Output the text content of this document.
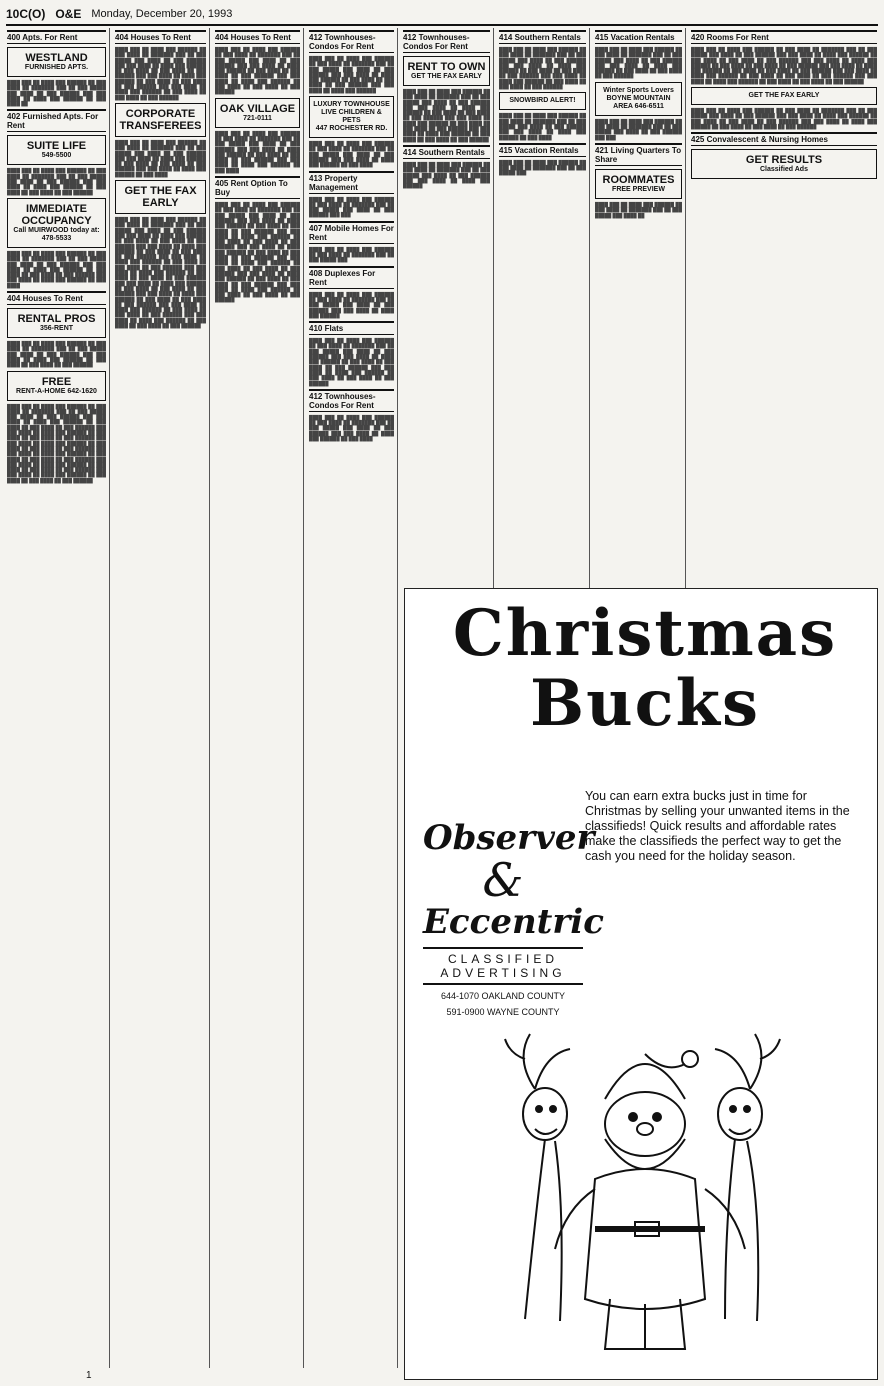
10C(O) O&E Monday, December 20, 1993
400 Apts. For Rent
WESTLAND
FURNISHED APTS.
████ ███ ██ ████ ███ ██████ ██ ███ ████ ██ ███████ ███ ██ ███ █████ ███ ████ ██ ███ ██████ ███ ███ ████ ██ ████ ███ ██████ ██ ███ ████ ██
402 Furnished Apts. For Rent
SUITE LIFE
549-5500
████ ███ ██ ████ ███ ██████ ██ ███ ████ ██ ███████ ███ ██ ███ █████ ███ ████ ██ ███ ██████ ███ ███ ████ ██ ████ ███ ██████ ██ ███ ████ ██ ███ ████ ██ ███ ██████
IMMEDIATE OCCUPANCY
Call MUIRWOOD today at: 478-5533
████ ███ ██ ████ ███ ██████ ██ ███ ████ ██ ███████ ███ ██ ███ █████ ███ ████ ██ ███ ██████ ███ ███ ████ ██ ████ ███ ██████ ██ ███ ████ ██ ███ ████ ██ ███ ██████ ███ ███ ████ ██ ████ ███ ██████ ██ ███ ████
404 Houses To Rent
RENTAL PROS
356-RENT
████ ███ ██ ████ ███ ██████ ██ ███ ████ ██ ███████ ███ ██ ███ █████ ███ ████ ██ ███ ██████ ███ ███ ████ ██ ████ ███ ██████ ██ ███ ████ ██ ███ ████ ██ ███ ██████
FREE
RENT-A-HOME 642-1620
████ ███ ██ ████ ███ ██████ ██ ███ ████ ██ ███████ ███ ██ ███ █████ ███ ████ ██ ███ ██████ ███ ███ ████ ██ ████ ███ ██████ ██ ███ ████ ██ ███ ████ ██ ███ ██████ ███ ███ ████ ██ ████ ███ ██████ ██ ███ ████ ██ ███ ████ ██ ███ ██████ ███ ███ ████ ██ ████ ███ ██████ ██ ███ ████ ██ ███ ████ ██ ███ ██████ ███ ███ ████ ██ ████ ███ ██████ ██ ███ ████ ██ ███ ████ ██ ███ ██████ ███ ███ ████ ██ ████ ███ ██████ ██ ███ ████ ██ ███ ████ ██ ███ ██████ ███ ███ ████ ██ ████ ███ ██████ ██ ███ ████ ██ ███ ████ ██ ███ ██████
404 Houses To Rent
████ ███ ██ ████ ███ ██████ ██ ███ ████ ██ ███████ ███ ██ ███ █████ ███ ████ ██ ███ ██████ ███ ███ ████ ██ ████ ███ ██████ ██ ███ ████ ██ ███ ████ ██ ███ ██████ ███ ███ ████ ██ ████ ███ ██████ ██ ███ ████ ██ ███ ████ ██ ███ ██████ ███ ███ ████ ██ ████ ███ ██████ ██ ███ ████ ██ ███ ████ ██ ███ ██████
CORPORATE TRANSFEREES
████ ███ ██ ████ ███ ██████ ██ ███ ████ ██ ███████ ███ ██ ███ █████ ███ ████ ██ ███ ██████ ███ ███ ████ ██ ████ ███ ██████ ██ ███ ████ ██ ███ ████ ██ ███ ██████ ███ ███ ████ ██ ████ ███ ██████ ██ ███ ████
GET THE FAX EARLY
████ ███ ██ ████ ███ ██████ ██ ███ ████ ██ ███████ ███ ██ ███ █████ ███ ████ ██ ███ ██████ ███ ███ ████ ██ ████ ███ ██████ ██ ███ ████ ██ ███ ████ ██ ███ ██████ ███ ███ ████ ██ ████ ███ ██████ ██ ███ ████ ██ ███ ████ ██ ███ ██████ ███ ███ ████ ██ ████ ███ ██████ ██ ███ ████ ██ ███ ████ ██ ███ ██████ ███ ███ ████ ██ ████ ███ ██████ ██ ███ ████ ██ ███ ████ ██ ███ ██████ ███ ███ ████ ██ ████ ███ ██████ ██ ███ ████ ██ ███ ████ ██ ███ ██████ ███ ███ ████ ██ ████ ███ ██████ ██ ███ ████ ██ ███ ████ ██ ███ ██████ ███ ███ ████ ██ ████ ███ ██████ ██ ███ ████ ██ ███ ████ ██ ███ ██████ ███ ███ ████ ██ ████ ███ ██████ ██ ███ ████ ██ ███ ████ ██ ███ ██████
404 Houses To Rent
████ ███ ██ ████ ███ ██████ ██ ███ ████ ██ ███████ ███ ██ ███ █████ ███ ████ ██ ███ ██████ ███ ███ ████ ██ ████ ███ ██████ ██ ███ ████ ██ ███ ████ ██ ███ ██████ ███ ███ ████ ██ ████ ███ ██████ ██ ███ ████ ██ ███ ████ ██ ███ ██████
OAK VILLAGE
721-0111
████ ███ ██ ████ ███ ██████ ██ ███ ████ ██ ███████ ███ ██ ███ █████ ███ ████ ██ ███ ██████ ███ ███ ████ ██ ████ ███ ██████ ██ ███ ████ ██ ███ ████ ██ ███ ██████ ███ ███ ████ ██ ████ ███ ██████ ██ ███ ████
405 Rent Option To Buy
████ ███ ██ ████ ███ ██████ ██ ███ ████ ██ ███████ ███ ██ ███ █████ ███ ████ ██ ███ ██████ ███ ███ ████ ██ ████ ███ ██████ ██ ███ ████ ██ ███ ████ ██ ███ ██████ ███ ███ ████ ██ ████ ███ ██████ ██ ███ ████ ██ ███ ████ ██ ███ ██████ ███ ███ ████ ██ ████ ███ ██████ ██ ███ ████ ██ ███ ████ ██ ███ ██████ ███ ███ ████ ██ ████ ███ ██████ ██ ███ ████ ██ ███ ████ ██ ███ ██████ ███ ███ ████ ██ ████ ███ ██████ ██ ███ ████ ██ ███ ████ ██ ███ ██████ ███ ███ ████ ██ ████ ███ ██████ ██ ███ ████ ██ ███ ████ ██ ███ ██████
412 Townhouses-Condos For Rent
████ ███ ██ ████ ███ ██████ ██ ███ ████ ██ ███████ ███ ██ ███ █████ ███ ████ ██ ███ ██████ ███ ███ ████ ██ ████ ███ ██████ ██ ███ ████ ██ ███ ████ ██ ███ ██████ ███ ███ ████ ██ ████ ███ ██████
LUXURY TOWNHOUSE LIVE CHILDREN & PETS
447 ROCHESTER RD.
████ ███ ██ ████ ███ ██████ ██ ███ ████ ██ ███████ ███ ██ ███ █████ ███ ████ ██ ███ ██████ ███ ███ ████ ██ ████ ███ ██████ ██ ███ ████
413 Property Management
████ ███ ██ ████ ███ ██████ ██ ███ ████ ██ ███████ ███ ██ ███ █████ ███ ████ ██ ███ ██████ ███ ███
407 Mobile Homes For Rent
████ ███ ██ ████ ███ ██████ ██ ███ ████ ██ ███████ ███ ██ ███ █████ ███
408 Duplexes For Rent
████ ███ ██ ████ ███ ██████ ██ ███ ████ ██ ███████ ███ ██ ███ █████ ███ ████ ██ ███ ██████ ███ ███ ████ ██ ████ ███ ██████
410 Flats
████ ███ ██ ████ ███ ██████ ██ ███ ████ ██ ███████ ███ ██ ███ █████ ███ ████ ██ ███ ██████ ███ ███ ████ ██ ████ ███ ██████ ██ ███ ████ ██ ███ ████ ██ ███ ██████ ███ ███ ████ ██ ████ ███ ██████ ██ ███ ████ ██ ███ ████ ██ ███ ██████
412 Townhouses-Condos For Rent
████ ███ ██ ████ ███ ██████ ██ ███ ████ ██ ███████ ███ ██ ███ █████ ███ ████ ██ ███ ██████ ███ ███ ████ ██ ████ ███ ██████ ██ ███ ████
412 Townhouses-Condos For Rent
RENT TO OWN
GET THE FAX EARLY
████ ███ ██ ████ ███ ██████ ██ ███ ████ ██ ███████ ███ ██ ███ █████ ███ ████ ██ ███ ██████ ███ ███ ████ ██ ████ ███ ██████ ██ ███ ████ ██ ███ ████ ██ ███ ██████ ███ ███ ████ ██ ████ ███ ██████ ██ ███ ████ ██ ███ ████ ██ ███ ██████ ███ ███ ████ ██ ████ ███ ██████ ██ ███ ████ ██ ███ ████ ██ ███ ██████
414 Southern Rentals
████ ███ ██ ████ ███ ██████ ██ ███ ████ ██ ███████ ███ ██ ███ █████ ███ ████ ██ ███ ██████ ███ ███ ████ ██ ████ ███ ██████
414 Southern Rentals
████ ███ ██ ████ ███ ██████ ██ ███ ████ ██ ███████ ███ ██ ███ █████ ███ ████ ██ ███ ██████ ███ ███ ████ ██ ████ ███ ██████ ██ ███ ████ ██ ███ ████ ██ ███ ██████ ███ ███ ████ ██ ████ ███ ██████ ██ ███ ████ ██ ███ ████ ██ ███ ██████
SNOWBIRD ALERT!
████ ███ ██ ████ ███ ██████ ██ ███ ████ ██ ███████ ███ ██ ███ █████ ███ ████ ██ ███ ██████ ███ ███ ████ ██ ████ ███ ██████ ██ ███ ████
415 Vacation Rentals
████ ███ ██ ████ ███ ██████ ██ ███ ████ ██ ███████ ███ ██ ███ █████ ███
415 Vacation Rentals
████ ███ ██ ████ ███ ██████ ██ ███ ████ ██ ███████ ███ ██ ███ █████ ███ ████ ██ ███ ██████ ███ ███ ████ ██ ████ ███ ██████ ██ ███ ████ ██ ███ ████ ██ ███ ██████
Winter Sports Lovers
BOYNE MOUNTAIN AREA 646-6511
████ ███ ██ ████ ███ ██████ ██ ███ ████ ██ ███████ ███ ██ ███ █████ ███ ████ ██ ███ ██████ ███ ███
421 Living Quarters To Share
ROOMMATES
FREE PREVIEW
████ ███ ██ ████ ███ ██████ ██ ███ ████ ██ ███████ ███ ██ ███ █████ ███ ████ ██
420 Rooms For Rent
████ ███ ██ ████ ███ ██████ ██ ███ ████ ██ ███████ ███ ██ ███ █████ ███ ████ ██ ███ ██████ ███ ███ ████ ██ ████ ███ ██████ ██ ███ ████ ██ ███ ████ ██ ███ ██████ ███ ███ ████ ██ ████ ███ ██████ ██ ███ ████ ██ ███ ████ ██ ███ ██████ ███ ███ ████ ██ ████ ███ ██████ ██ ███ ████ ██ ███ ████ ██ ███ ██████ ███ ███ ████ ██ ████ ███ ██████ ██ ███ ████ ██ ███ ████ ██ ███ ██████ ███ ███ ████ ██ ████ ███ ██████ ██ ███ ████ ██ ███ ████ ██ ███ ██████
GET THE FAX EARLY
████ ███ ██ ████ ███ ██████ ██ ███ ████ ██ ███████ ███ ██ ███ █████ ███ ████ ██ ███ ██████ ███ ███ ████ ██ ████ ███ ██████ ██ ███ ████ ██ ███ ████ ██ ███ ██████ ███ ███ ████ ██ ████ ███ ██████ ██ ███ ████ ██ ███ ████ ██ ███ ██████
425 Convalescent & Nursing Homes
GET RESULTS
Classified Ads
Christmas
Bucks
You can earn extra bucks just in time for Christmas by selling your unwanted items in the classifieds! Quick results and affordable rates make the classifieds the perfect way to get the cash you need for the holiday season.
Observer
&
Eccentric
CLASSIFIED
ADVERTISING
644-1070 OAKLAND COUNTY
591-0900 WAYNE COUNTY
1
